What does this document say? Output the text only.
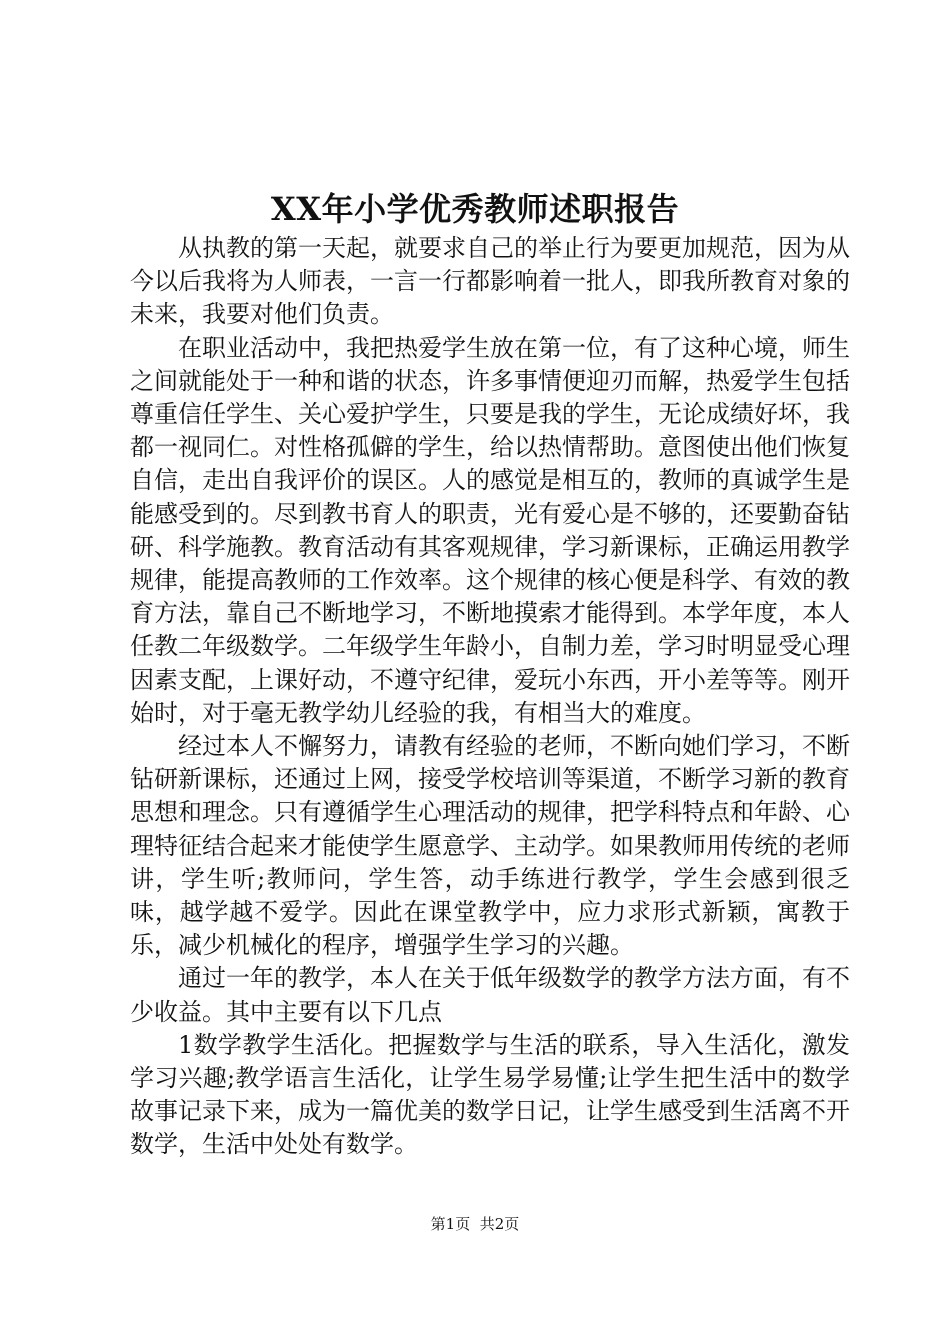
XX年小学优秀教师述职报告

从执教的第一天起，就要求自己的举止行为要更加规范，因为从今以后我将为人师表，一言一行都影响着一批人，即我所教育对象的未来，我要对他们负责。

在职业活动中，我把热爱学生放在第一位，有了这种心境，师生之间就能处于一种和谐的状态，许多事情便迎刃而解，热爱学生包括尊重信任学生、关心爱护学生，只要是我的学生，无论成绩好坏，我都一视同仁。对性格孤僻的学生，给以热情帮助。意图使出他们恢复自信，走出自我评价的误区。人的感觉是相互的，教师的真诚学生是能感受到的。尽到教书育人的职责，光有爱心是不够的，还要勤奋钻研、科学施教。教育活动有其客观规律，学习新课标，正确运用教学规律，能提高教师的工作效率。这个规律的核心便是科学、有效的教育方法，靠自己不断地学习，不断地摸索才能得到。本学年度，本人任教二年级数学。二年级学生年龄小，自制力差，学习时明显受心理因素支配，上课好动，不遵守纪律，爱玩小东西，开小差等等。刚开始时，对于毫无教学幼儿经验的我，有相当大的难度。

经过本人不懈努力，请教有经验的老师，不断向她们学习，不断钻研新课标，还通过上网，接受学校培训等渠道，不断学习新的教育思想和理念。只有遵循学生心理活动的规律，把学科特点和年龄、心理特征结合起来才能使学生愿意学、主动学。如果教师用传统的老师讲，学生听;教师问，学生答，动手练进行教学，学生会感到很乏味，越学越不爱学。因此在课堂教学中，应力求形式新颖，寓教于乐，减少机械化的程序，增强学生学习的兴趣。

通过一年的教学，本人在关于低年级数学的教学方法方面，有不少收益。其中主要有以下几点

1数学教学生活化。把握数学与生活的联系，导入生活化，激发学习兴趣;教学语言生活化，让学生易学易懂;让学生把生活中的数学故事记录下来，成为一篇优美的数学日记，让学生感受到生活离不开数学，生活中处处有数学。

第1页 共2页
